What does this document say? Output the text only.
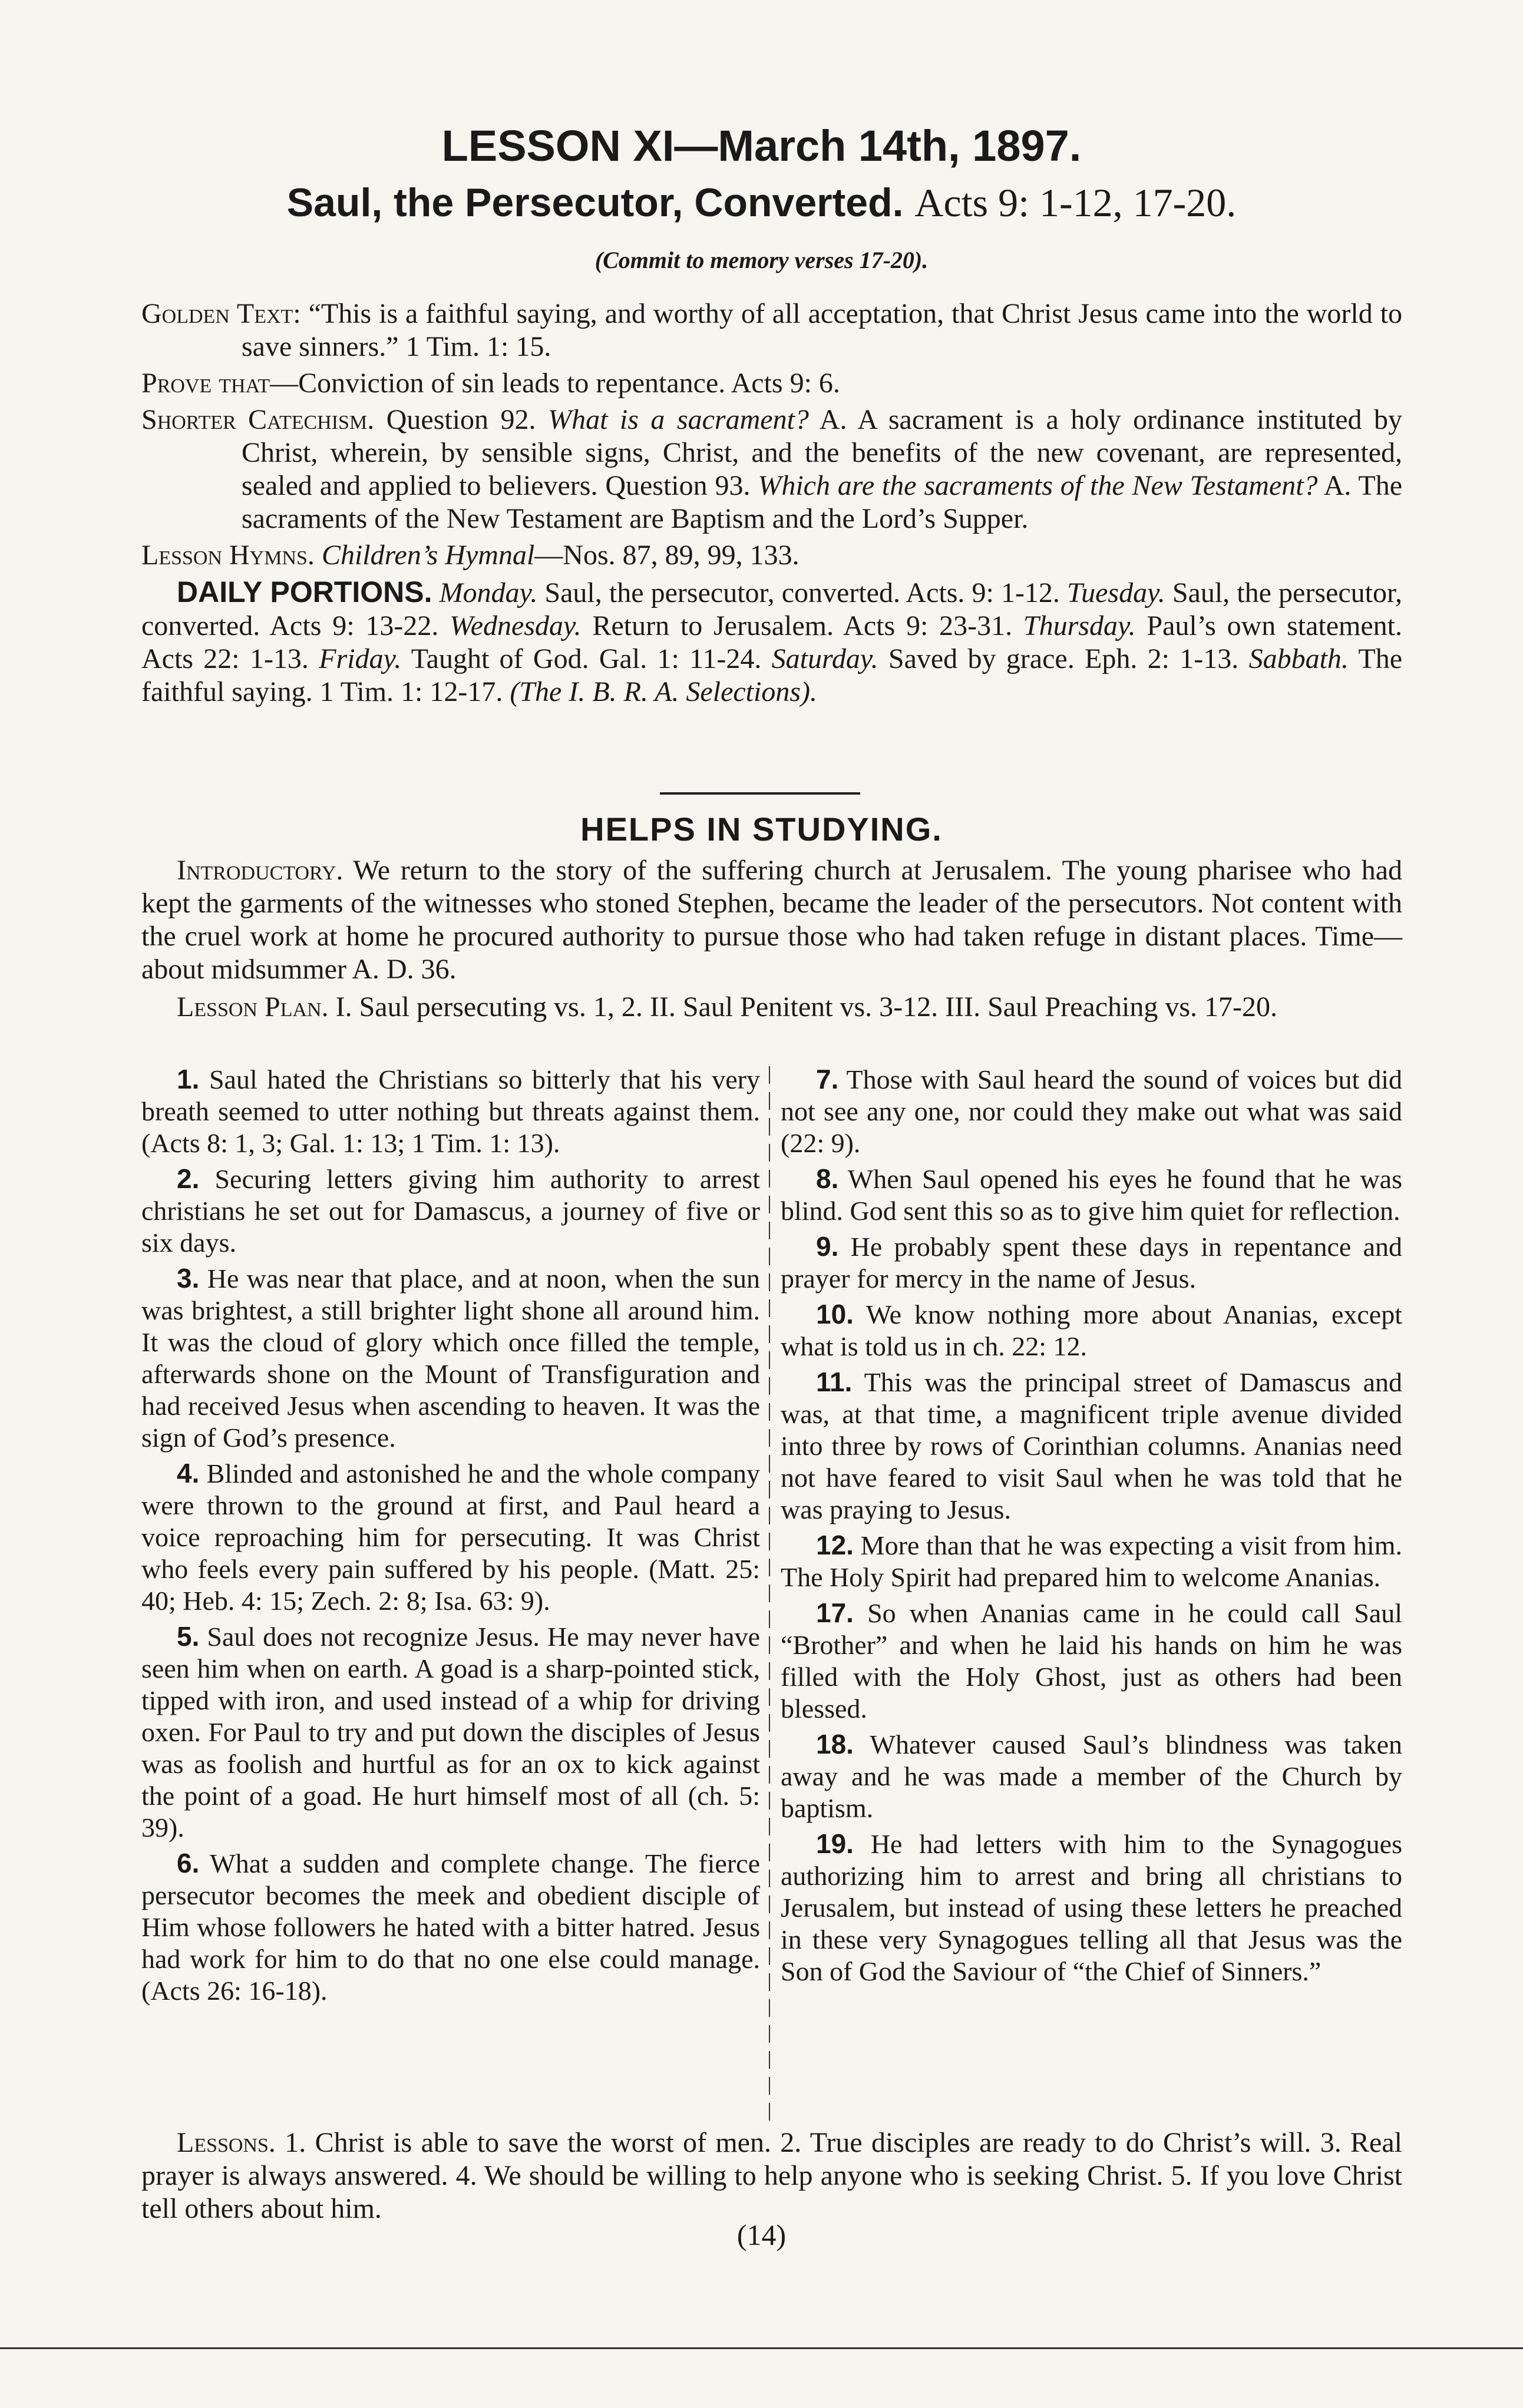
LESSON XI—March 14th, 1897.
Saul, the Persecutor, Converted. Acts 9: 1-12, 17-20.
(Commit to memory verses 17-20).
Golden Text: “This is a faithful saying, and worthy of all acceptation, that Christ Jesus came into the world to save sinners.” 1 Tim. 1: 15.
Prove that—Conviction of sin leads to repentance. Acts 9: 6.
Shorter Catechism. Question 92. What is a sacrament? A. A sacrament is a holy ordinance instituted by Christ, wherein, by sensible signs, Christ, and the benefits of the new covenant, are represented, sealed and applied to believers. Question 93. Which are the sacraments of the New Testament? A. The sacraments of the New Testament are Baptism and the Lord’s Supper.
Lesson Hymns. Children’s Hymnal—Nos. 87, 89, 99, 133.
DAILY PORTIONS. Monday. Saul, the persecutor, converted. Acts. 9: 1-12. Tuesday. Saul, the persecutor, converted. Acts 9: 13-22. Wednesday. Return to Jerusalem. Acts 9: 23-31. Thursday. Paul’s own statement. Acts 22: 1-13. Friday. Taught of God. Gal. 1: 11-24. Saturday. Saved by grace. Eph. 2: 1-13. Sabbath. The faithful saying. 1 Tim. 1: 12-17. (The I. B. R. A. Selections).
HELPS IN STUDYING.
Introductory. We return to the story of the suffering church at Jerusalem. The young pharisee who had kept the garments of the witnesses who stoned Stephen, became the leader of the persecutors. Not content with the cruel work at home he procured authority to pursue those who had taken refuge in distant places. Time—about midsummer A. D. 36.
Lesson Plan. I. Saul persecuting vs. 1, 2. II. Saul Penitent vs. 3-12. III. Saul Preaching vs. 17-20.

1. Saul hated the Christians so bitterly that his very breath seemed to utter nothing but threats against them. (Acts 8: 1, 3; Gal. 1: 13; 1 Tim. 1: 13).

2. Securing letters giving him authority to arrest christians he set out for Damascus, a journey of five or six days.

3. He was near that place, and at noon, when the sun was brightest, a still brighter light shone all around him. It was the cloud of glory which once filled the temple, afterwards shone on the Mount of Transfiguration and had received Jesus when ascending to heaven. It was the sign of God’s presence.

4. Blinded and astonished he and the whole company were thrown to the ground at first, and Paul heard a voice reproaching him for persecuting. It was Christ who feels every pain suffered by his people. (Matt. 25: 40; Heb. 4: 15; Zech. 2: 8; Isa. 63: 9).

5. Saul does not recognize Jesus. He may never have seen him when on earth. A goad is a sharp-pointed stick, tipped with iron, and used instead of a whip for driving oxen. For Paul to try and put down the disciples of Jesus was as foolish and hurtful as for an ox to kick against the point of a goad. He hurt himself most of all (ch. 5: 39).

6. What a sudden and complete change. The fierce persecutor becomes the meek and obedient disciple of Him whose followers he hated with a bitter hatred. Jesus had work for him to do that no one else could manage. (Acts 26: 16-18).

7. Those with Saul heard the sound of voices but did not see any one, nor could they make out what was said (22: 9).

8. When Saul opened his eyes he found that he was blind. God sent this so as to give him quiet for reflection.

9. He probably spent these days in repentance and prayer for mercy in the name of Jesus.

10. We know nothing more about Ananias, except what is told us in ch. 22: 12.

11. This was the principal street of Damascus and was, at that time, a magnificent triple avenue divided into three by rows of Corinthian columns. Ananias need not have feared to visit Saul when he was told that he was praying to Jesus.

12. More than that he was expecting a visit from him. The Holy Spirit had prepared him to welcome Ananias.

17. So when Ananias came in he could call Saul “Brother” and when he laid his hands on him he was filled with the Holy Ghost, just as others had been blessed.

18. Whatever caused Saul’s blindness was taken away and he was made a member of the Church by baptism.

19. He had letters with him to the Synagogues authorizing him to arrest and bring all christians to Jerusalem, but instead of using these letters he preached in these very Synagogues telling all that Jesus was the Son of God the Saviour of “the Chief of Sinners.”

Lessons. 1. Christ is able to save the worst of men. 2. True disciples are ready to do Christ’s will. 3. Real prayer is always answered. 4. We should be willing to help anyone who is seeking Christ. 5. If you love Christ tell others about him.
(14)
